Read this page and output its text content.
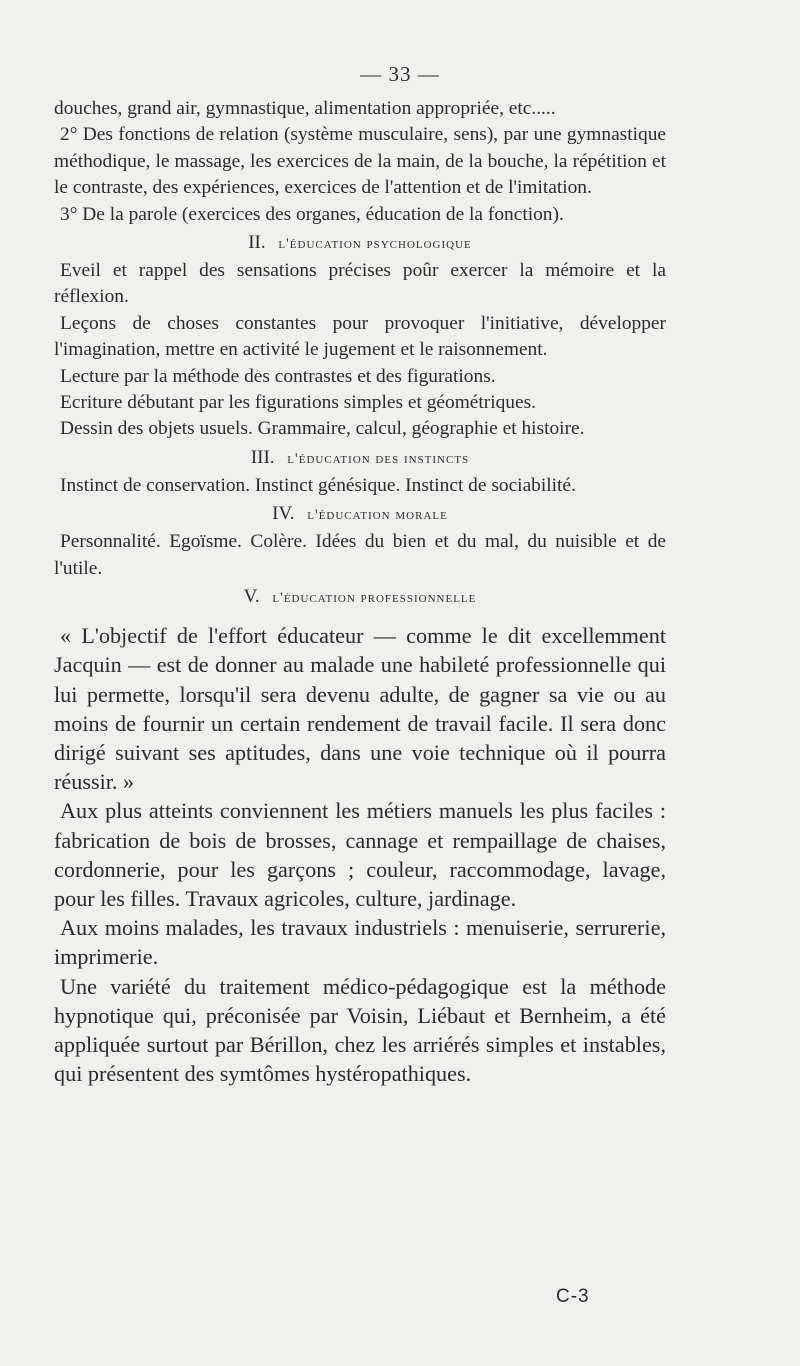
— 33 —

douches, grand air, gymnastique, alimentation appropriée, etc.....

2° Des fonctions de relation (système musculaire, sens), par une gymnastique méthodique, le massage, les exercices de la main, de la bouche, la répétition et le contraste, des expériences, exercices de l'attention et de l'imitation.

3° De la parole (exercices des organes, éducation de la fonction).

II. l'éducation psychologique

Eveil et rappel des sensations précises poûr exercer la mémoire et la réflexion.

Leçons de choses constantes pour provoquer l'initiative, développer l'imagination, mettre en activité le jugement et le raisonnement.

Lecture par la méthode des contrastes et des figurations.

Ecriture débutant par les figurations simples et géométriques.

Dessin des objets usuels. Grammaire, calcul, géographie et histoire.

III. l'éducation des instincts

Instinct de conservation. Instinct génésique. Instinct de sociabilité.

IV. l'éducation morale

Personnalité. Egoïsme. Colère. Idées du bien et du mal, du nuisible et de l'utile.

V. l'éducation professionnelle

« L'objectif de l'effort éducateur — comme le dit excellemment Jacquin — est de donner au malade une habileté professionnelle qui lui permette, lorsqu'il sera devenu adulte, de gagner sa vie ou au moins de fournir un certain rendement de travail facile. Il sera donc dirigé suivant ses aptitudes, dans une voie technique où il pourra réussir. »

Aux plus atteints conviennent les métiers manuels les plus faciles : fabrication de bois de brosses, cannage et rempaillage de chaises, cordonnerie, pour les garçons ; couleur, raccommodage, lavage, pour les filles. Travaux agricoles, culture, jardinage.

Aux moins malades, les travaux industriels : menuiserie, serrurerie, imprimerie.

Une variété du traitement médico-pédagogique est la méthode hypnotique qui, préconisée par Voisin, Liébaut et Bernheim, a été appliquée surtout par Bérillon, chez les arriérés simples et instables, qui présentent des symtômes hystéropathiques.

C-3
